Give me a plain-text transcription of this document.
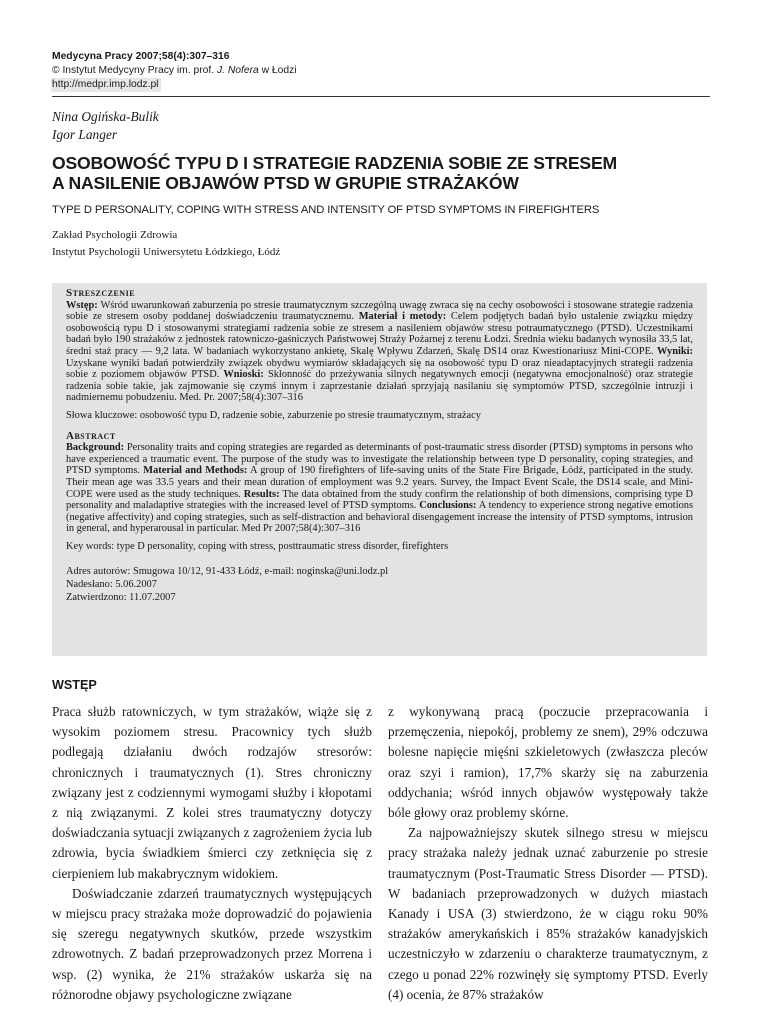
Medycyna Pracy 2007;58(4):307–316
© Instytut Medycyny Pracy im. prof. J. Nofera w Łodzi
http://medpr.imp.lodz.pl
Nina Ogińska-Bulik
Igor Langer
OSOBOWOŚĆ TYPU D I STRATEGIE RADZENIA SOBIE ZE STRESEM
A NASILENIE OBJAWÓW PTSD W GRUPIE STRAŻAKÓW
TYPE D PERSONALITY, COPING WITH STRESS AND INTENSITY OF PTSD SYMPTOMS IN FIREFIGHTERS
Zakład Psychologii Zdrowia
Instytut Psychologii Uniwersytetu Łódzkiego, Łódź
Streszczenie

Wstęp: Wśród uwarunkowań zaburzenia po stresie traumatycznym szczególną uwagę zwraca się na cechy osobowości i stosowane strategie radzenia sobie ze stresem osoby poddanej doświadczeniu traumatycznemu. Materiał i metody: Celem podjętych badań było ustalenie związku między osobowością typu D i stosowanymi strategiami radzenia sobie ze stresem a nasileniem objawów stresu potraumatycznego (PTSD). Uczestnikami badań było 190 strażaków z jednostek ratowniczo-gaśniczych Państwowej Straży Pożarnej z terenu Łodzi. Średnia wieku badanych wynosiła 33,5 lat, średni staż pracy — 9,2 lata. W badaniach wykorzystano ankietę, Skalę Wpływu Zdarzeń, Skalę DS14 oraz Kwestionariusz Mini-COPE. Wyniki: Uzyskane wyniki badań potwierdziły związek obydwu wymiarów składających się na osobowość typu D oraz nieadaptacyjnych strategii radzenia sobie z poziomem objawów PTSD. Wnioski: Skłonność do przeżywania silnych negatywnych emocji (negatywna emocjonalność) oraz strategie radzenia sobie takie, jak zajmowanie się czymś innym i zaprzestanie działań sprzyjają nasilaniu się symptomów PTSD, szczególnie intruzji i nadmiernemu pobudzeniu. Med. Pr. 2007;58(4):307–316

Słowa kluczowe: osobowość typu D, radzenie sobie, zaburzenie po stresie traumatycznym, strażacy

Abstract

Background: Personality traits and coping strategies are regarded as determinants of post-traumatic stress disorder (PTSD) symptoms in persons who have experienced a traumatic event. The purpose of the study was to investigate the relationship between type D personality, coping strategies, and PTSD symptoms. Material and Methods: A group of 190 firefighters of life-saving units of the State Fire Brigade, Łódź, participated in the study. Their mean age was 33.5 years and their mean duration of employment was 9.2 years. Survey, the Impact Event Scale, the DS14 scale, and Mini-COPE were used as the study techniques. Results: The data obtained from the study confirm the relationship of both dimensions, comprising type D personality and maladaptive strategies with the increased level of PTSD symptoms. Conclusions: A tendency to experience strong negative emotions (negative affectivity) and coping strategies, such as self-distraction and behavioral disengagement increase the intensity of PTSD symptoms, intrusion in general, and hyperarousal in particular. Med Pr 2007;58(4):307–316

Key words: type D personality, coping with stress, posttraumatic stress disorder, firefighters

Adres autorów: Smugowa 10/12, 91-433 Łódź, e-mail: noginska@uni.lodz.pl
Nadesłano: 5.06.2007
Zatwierdzono: 11.07.2007

WSTĘP

Praca służb ratowniczych, w tym strażaków, wiąże się z wysokim poziomem stresu. Pracownicy tych służb podlegają działaniu dwóch rodzajów stresorów: chronicznych i traumatycznych (1). Stres chroniczny związany jest z codziennymi wymogami służby i kłopotami z nią związanymi. Z kolei stres traumatyczny dotyczy doświadczania sytuacji związanych z zagrożeniem życia lub zdrowia, bycia świadkiem śmierci czy zetknięcia się z cierpieniem lub makabrycznym widokiem.

Doświadczanie zdarzeń traumatycznych występujących w miejscu pracy strażaka może doprowadzić do pojawienia się szeregu negatywnych skutków, przede wszystkim zdrowotnych. Z badań przeprowadzonych przez Morrena i wsp. (2) wynika, że 21% strażaków uskarża się na różnorodne objawy psychologiczne związane

z wykonywaną pracą (poczucie przepracowania i przemęczenia, niepokój, problemy ze snem), 29% odczuwa bolesne napięcie mięśni szkieletowych (zwłaszcza pleców oraz szyi i ramion), 17,7% skarży się na zaburzenia oddychania; wśród innych objawów występowały także bóle głowy oraz problemy skórne.

Za najpoważniejszy skutek silnego stresu w miejscu pracy strażaka należy jednak uznać zaburzenie po stresie traumatycznym (Post-Traumatic Stress Disorder — PTSD). W badaniach przeprowadzonych w dużych miastach Kanady i USA (3) stwierdzono, że w ciągu roku 90% strażaków amerykańskich i 85% strażaków kanadyjskich uczestniczyło w zdarzeniu o charakterze traumatycznym, z czego u ponad 22% rozwinęły się symptomy PTSD. Everly (4) ocenia, że 87% strażaków
